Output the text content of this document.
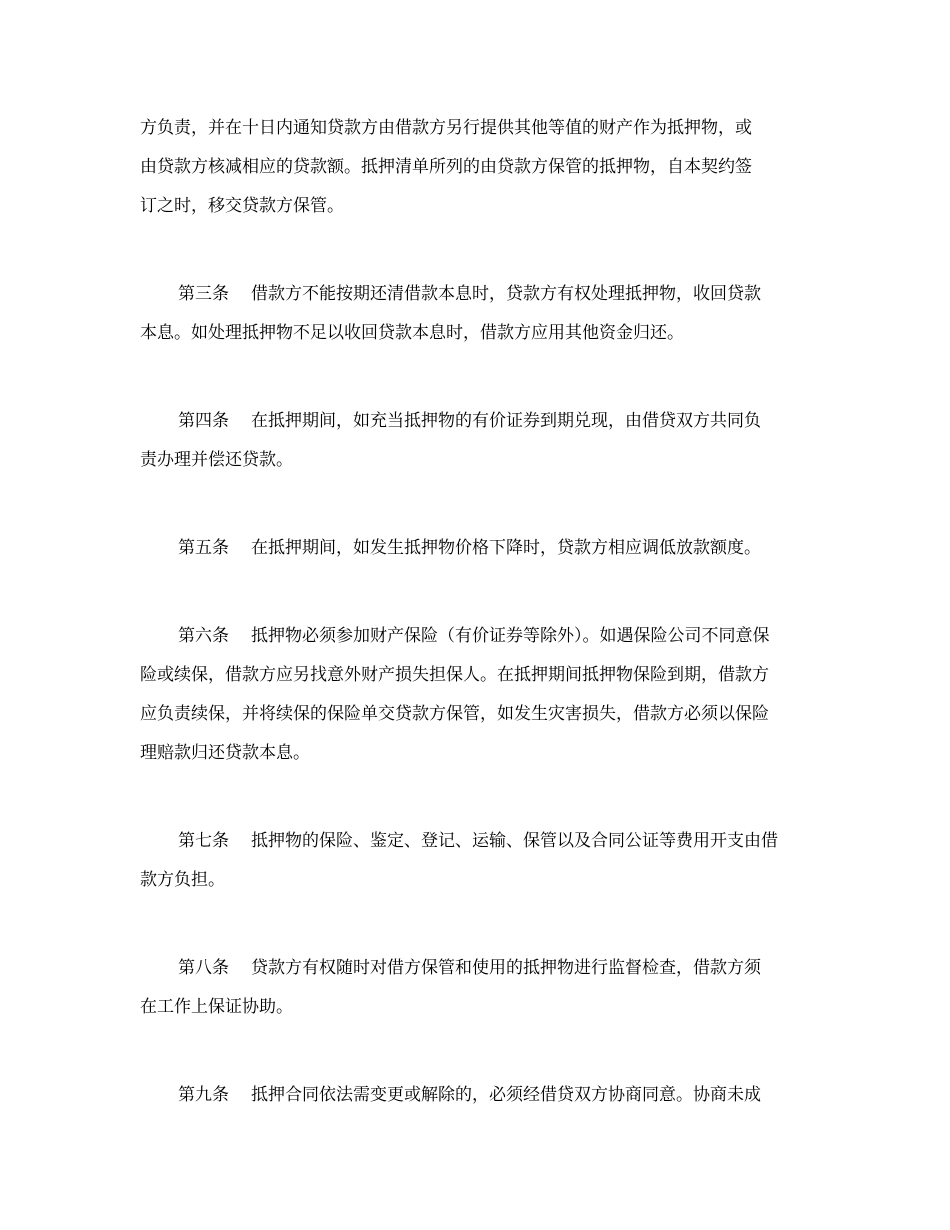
方负责，并在十日内通知贷款方由借款方另行提供其他等值的财产作为抵押物，或
由贷款方核减相应的贷款额。抵押清单所列的由贷款方保管的抵押物，自本契约签
订之时，移交贷款方保管。
第三条 借款方不能按期还清借款本息时，贷款方有权处理抵押物，收回贷款
本息。如处理抵押物不足以收回贷款本息时，借款方应用其他资金归还。
第四条 在抵押期间，如充当抵押物的有价证券到期兑现，由借贷双方共同负
责办理并偿还贷款。
第五条 在抵押期间，如发生抵押物价格下降时，贷款方相应调低放款额度。
第六条 抵押物必须参加财产保险（有价证券等除外）。如遇保险公司不同意保
险或续保，借款方应另找意外财产损失担保人。在抵押期间抵押物保险到期，借款方
应负责续保，并将续保的保险单交贷款方保管，如发生灾害损失，借款方必须以保险
理赔款归还贷款本息。
第七条 抵押物的保险、鉴定、登记、运输、保管以及合同公证等费用开支由借
款方负担。
第八条 贷款方有权随时对借方保管和使用的抵押物进行监督检查，借款方须
在工作上保证协助。
第九条 抵押合同依法需变更或解除的，必须经借贷双方协商同意。协商未成
